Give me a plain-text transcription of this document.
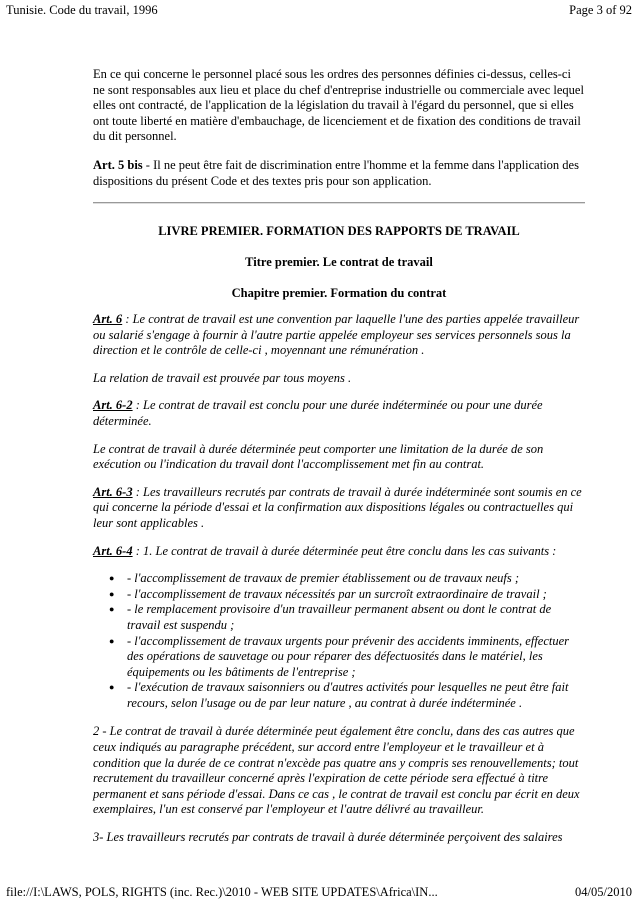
Tunisie. Code du travail, 1996	Page 3 of 92

En ce qui concerne le personnel placé sous les ordres des personnes définies ci-dessus, celles-ci ne sont responsables aux lieu et place du chef d'entreprise industrielle ou commerciale avec lequel elles ont contracté, de l'application de la législation du travail à l'égard du personnel, que si elles ont toute liberté en matière d'embauchage, de licenciement et de fixation des conditions de travail du dit personnel.

Art. 5 bis - Il ne peut être fait de discrimination entre l'homme et la femme dans l'application des dispositions du présent Code et des textes pris pour son application.

LIVRE PREMIER. FORMATION DES RAPPORTS DE TRAVAIL

Titre premier. Le contrat de travail

Chapitre premier. Formation du contrat

Art. 6 : Le contrat de travail est une convention par laquelle l'une des parties appelée travailleur ou salarié s'engage à fournir à l'autre partie appelée employeur ses services personnels sous la direction et le contrôle de celle-ci , moyennant une rémunération .

La relation de travail est prouvée par tous moyens .

Art. 6-2 : Le contrat de travail est conclu pour une durée indéterminée ou pour une durée déterminée.

Le contrat de travail à durée déterminée peut comporter une limitation de la durée de son exécution ou l'indication du travail dont l'accomplissement met fin au contrat.

Art. 6-3 : Les travailleurs recrutés par contrats de travail à durée indéterminée sont soumis en ce qui concerne la période d'essai et la confirmation aux dispositions légales ou contractuelles qui leur sont applicables .

Art. 6-4 : 1. Le contrat de travail à durée déterminée peut être conclu dans les cas suivants :

● - l'accomplissement de travaux de premier établissement ou de travaux neufs ;
● - l'accomplissement de travaux nécessités par un surcroît extraordinaire de travail ;
● - le remplacement provisoire d'un travailleur permanent absent ou dont le contrat de travail est suspendu ;
● - l'accomplissement de travaux urgents pour prévenir des accidents imminents, effectuer des opérations de sauvetage ou pour réparer des défectuosités dans le matériel, les équipements ou les bâtiments de l'entreprise ;
● - l'exécution de travaux saisonniers ou d'autres activités pour lesquelles ne peut être fait recours, selon l'usage ou de par leur nature , au contrat à durée indéterminée .

2 - Le contrat de travail à durée déterminée peut également être conclu, dans des cas autres que ceux indiqués au paragraphe précédent, sur accord entre l'employeur et le travailleur et à condition que la durée de ce contrat n'excède pas quatre ans y compris ses renouvellements; tout recrutement du travailleur concerné après l'expiration de cette période sera effectué à titre permanent et sans période d'essai. Dans ce cas , le contrat de travail est conclu par écrit en deux exemplaires, l'un est conservé par l'employeur et l'autre délivré au travailleur.

3- Les travailleurs recrutés par contrats de travail à durée déterminée perçoivent des salaires

file://I:\LAWS, POLS, RIGHTS (inc. Rec.)\2010 - WEB SITE UPDATES\Africa\IN...	04/05/2010
